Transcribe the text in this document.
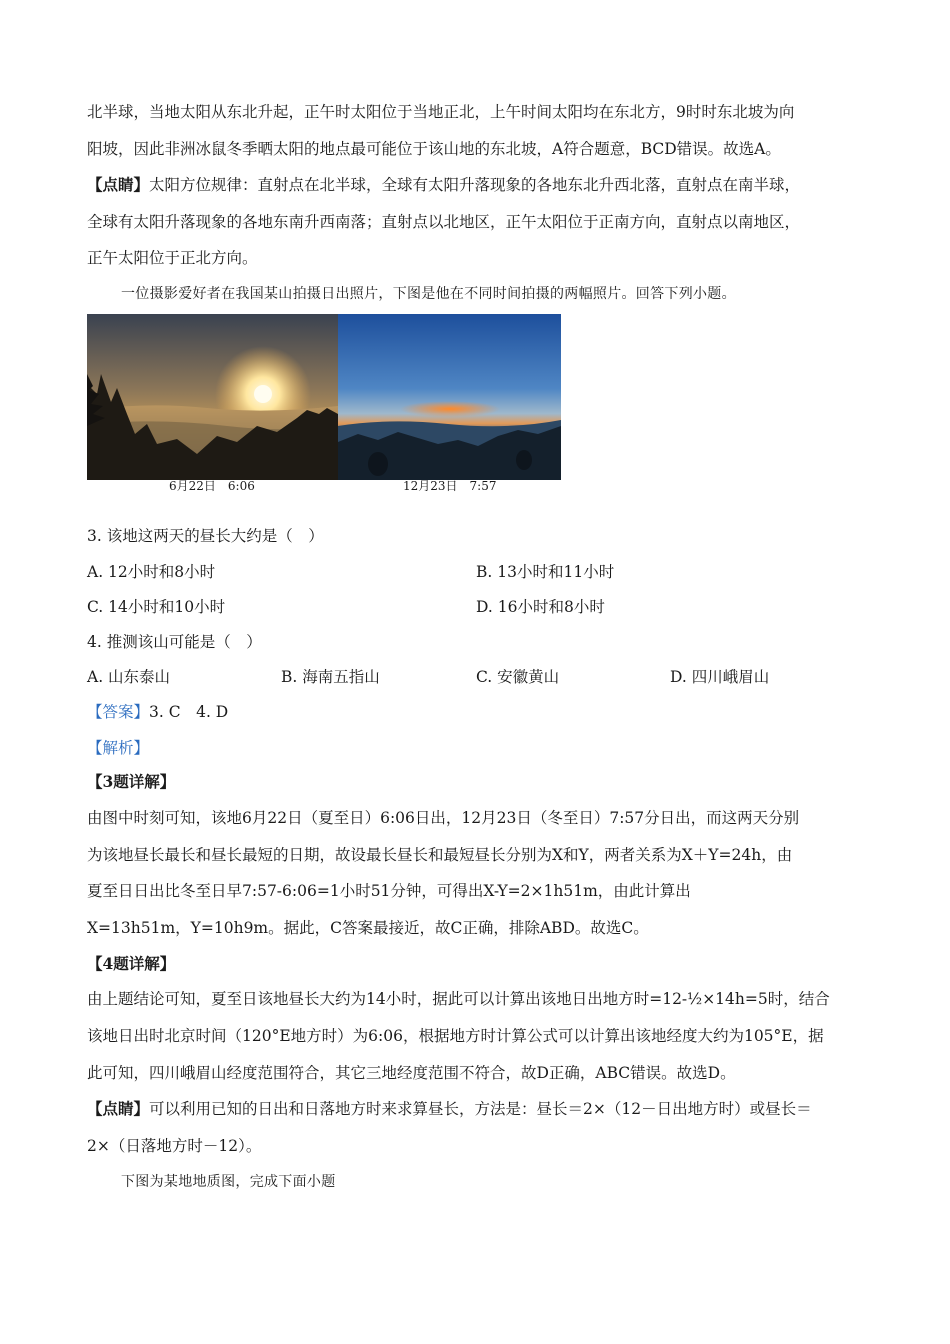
北半球，当地太阳从东北升起，正午时太阳位于当地正北，上午时间太阳均在东北方，9时时东北坡为向
阳坡，因此非洲冰鼠冬季晒太阳的地点最可能位于该山地的东北坡，A符合题意，BCD错误。故选A。
【点睛】太阳方位规律：直射点在北半球，全球有太阳升落现象的各地东北升西北落，直射点在南半球，
全球有太阳升落现象的各地东南升西南落；直射点以北地区，正午太阳位于正南方向，直射点以南地区，
正午太阳位于正北方向。
一位摄影爱好者在我国某山拍摄日出照片，下图是他在不同时间拍摄的两幅照片。回答下列小题。
6月22日　6:06	12月23日　7:57
3. 该地这两天的昼长大约是（　）
A. 12小时和8小时	B. 13小时和11小时
C. 14小时和10小时	D. 16小时和8小时
4. 推测该山可能是（　）
A. 山东泰山	B. 海南五指山	C. 安徽黄山	D. 四川峨眉山
【答案】3. C　4. D
【解析】
【3题详解】
由图中时刻可知，该地6月22日（夏至日）6:06日出，12月23日（冬至日）7:57分日出，而这两天分别
为该地昼长最长和昼长最短的日期，故设最长昼长和最短昼长分别为X和Y，两者关系为X＋Y=24h，由
夏至日日出比冬至日早7:57-6:06=1小时51分钟，可得出X-Y=2×1h51m，由此计算出
X=13h51m，Y=10h9m。据此，C答案最接近，故C正确，排除ABD。故选C。
【4题详解】
由上题结论可知，夏至日该地昼长大约为14小时，据此可以计算出该地日出地方时=12-½×14h=5时，结合
该地日出时北京时间（120°E地方时）为6:06，根据地方时计算公式可以计算出该地经度大约为105°E，据
此可知，四川峨眉山经度范围符合，其它三地经度范围不符合，故D正确，ABC错误。故选D。
【点睛】可以利用已知的日出和日落地方时来求算昼长，方法是：昼长＝2×（12－日出地方时）或昼长＝
2×（日落地方时－12）。
下图为某地地质图，完成下面小题
